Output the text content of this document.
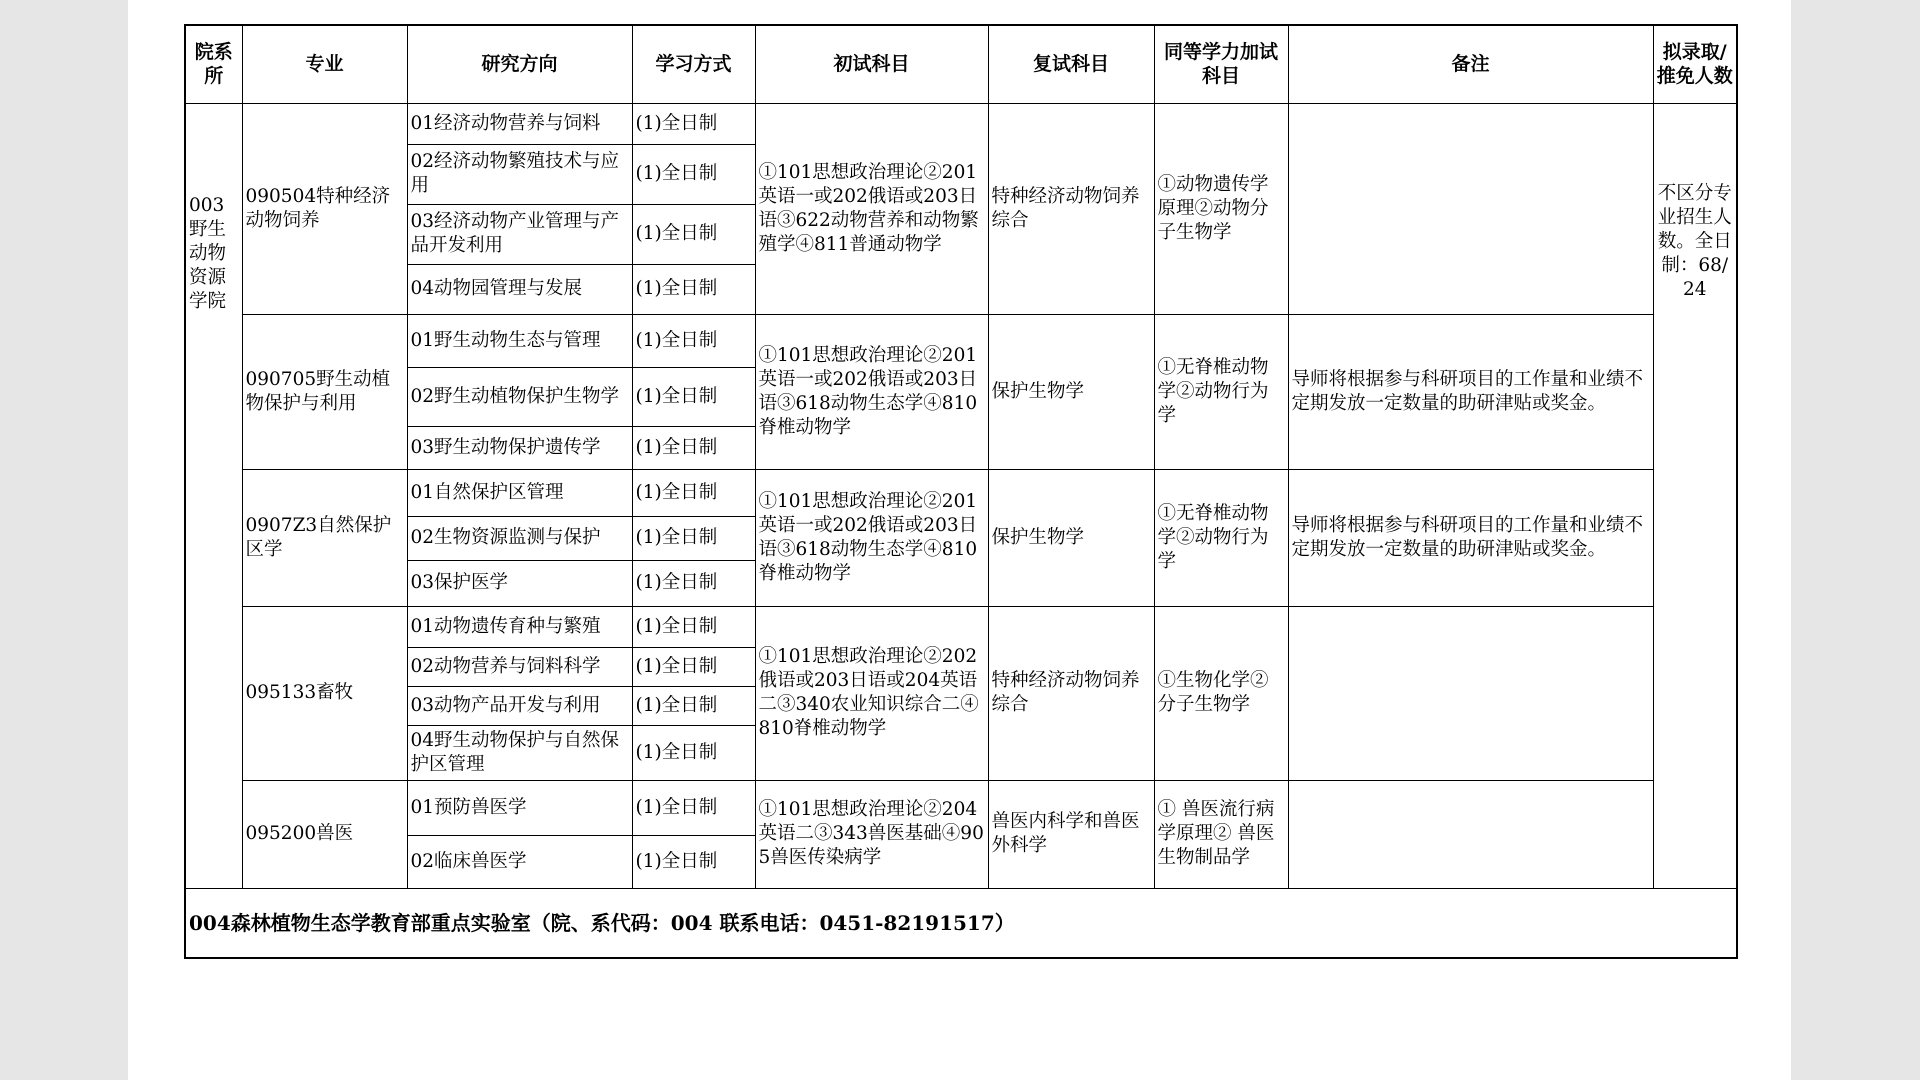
院系所	专业	研究方向	学习方式	初试科目	复试科目	同等学力加试科目	备注	拟录取/推免人数
003野生动物资源学院	090504特种经济动物饲养	01经济动物营养与饲料	(1)全日制	①101思想政治理论②201英语一或202俄语或203日语③622动物营养和动物繁殖学④811普通动物学	特种经济动物饲养综合	①动物遗传学原理②动物分子生物学		不区分专业招生人数。全日制：68/24
		02经济动物繁殖技术与应用	(1)全日制					
		03经济动物产业管理与产品开发利用	(1)全日制					
		04动物园管理与发展	(1)全日制					
	090705野生动植物保护与利用	01野生动物生态与管理	(1)全日制	①101思想政治理论②201英语一或202俄语或203日语③618动物生态学④810脊椎动物学	保护生物学	①无脊椎动物学②动物行为学	导师将根据参与科研项目的工作量和业绩不定期发放一定数量的助研津贴或奖金。	
		02野生动植物保护生物学	(1)全日制					
		03野生动物保护遗传学	(1)全日制					
	0907Z3自然保护区学	01自然保护区管理	(1)全日制	①101思想政治理论②201英语一或202俄语或203日语③618动物生态学④810脊椎动物学	保护生物学	①无脊椎动物学②动物行为学	导师将根据参与科研项目的工作量和业绩不定期发放一定数量的助研津贴或奖金。	
		02生物资源监测与保护	(1)全日制					
		03保护医学	(1)全日制					
	095133畜牧	01动物遗传育种与繁殖	(1)全日制	①101思想政治理论②202俄语或203日语或204英语二③340农业知识综合二④810脊椎动物学	特种经济动物饲养综合	①生物化学②分子生物学		
		02动物营养与饲料科学	(1)全日制					
		03动物产品开发与利用	(1)全日制					
		04野生动物保护与自然保护区管理	(1)全日制					
	095200兽医	01预防兽医学	(1)全日制	①101思想政治理论②204英语二③343兽医基础④905兽医传染病学	兽医内科学和兽医外科学	① 兽医流行病学原理② 兽医生物制品学		
		02临床兽医学	(1)全日制					
004森林植物生态学教育部重点实验室（院、系代码：004 联系电话：0451-82191517）								
